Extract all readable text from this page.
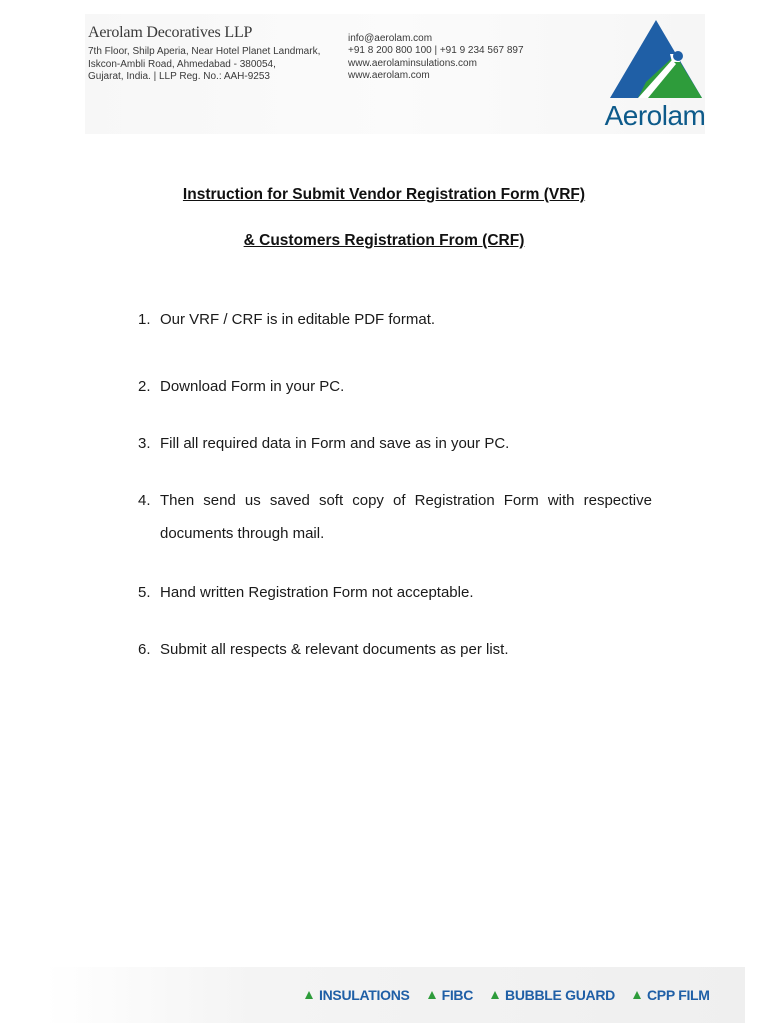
Aerolam Decoratives LLP
7th Floor, Shilp Aperia, Near Hotel Planet Landmark,
Iskcon-Ambli Road, Ahmedabad - 380054,
Gujarat, India. | LLP Reg. No.: AAH-9253
info@aerolam.com
+91 8 200 800 100 | +91 9 234 567 897
www.aerolaminsulations.com
www.aerolam.com
Aerolam
Instruction for Submit Vendor Registration Form (VRF)
& Customers Registration From (CRF)
1. Our VRF / CRF is in editable PDF format.
2. Download Form in your PC.
3. Fill all required data in Form and save as in your PC.
4. Then send us saved soft copy of Registration Form with respective documents through mail.
5. Hand written Registration Form not acceptable.
6. Submit all respects & relevant documents as per list.
INSULATIONS FIBC BUBBLE GUARD CPP FILM
